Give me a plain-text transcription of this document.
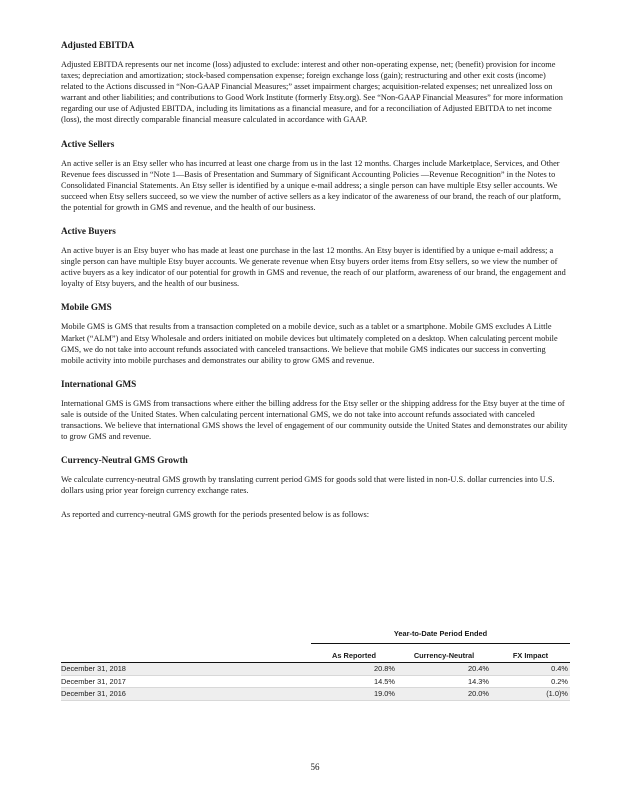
Adjusted EBITDA

Adjusted EBITDA represents our net income (loss) adjusted to exclude: interest and other non-operating expense, net; (benefit) provision for income taxes; depreciation and amortization; stock-based compensation expense; foreign exchange loss (gain); restructuring and other exit costs (income) related to the Actions discussed in “Non-GAAP Financial Measures;” asset impairment charges; acquisition-related expenses; net unrealized loss on warrant and other liabilities; and contributions to Good Work Institute (formerly Etsy.org). See “Non-GAAP Financial Measures” for more information regarding our use of Adjusted EBITDA, including its limitations as a financial measure, and for a reconciliation of Adjusted EBITDA to net income (loss), the most directly comparable financial measure calculated in accordance with GAAP.

Active Sellers

An active seller is an Etsy seller who has incurred at least one charge from us in the last 12 months. Charges include Marketplace, Services, and Other Revenue fees discussed in “Note 1—Basis of Presentation and Summary of Significant Accounting Policies —Revenue Recognition” in the Notes to Consolidated Financial Statements. An Etsy seller is identified by a unique e-mail address; a single person can have multiple Etsy seller accounts. We succeed when Etsy sellers succeed, so we view the number of active sellers as a key indicator of the awareness of our brand, the reach of our platform, the potential for growth in GMS and revenue, and the health of our business.

Active Buyers

An active buyer is an Etsy buyer who has made at least one purchase in the last 12 months. An Etsy buyer is identified by a unique e-mail address; a single person can have multiple Etsy buyer accounts. We generate revenue when Etsy buyers order items from Etsy sellers, so we view the number of active buyers as a key indicator of our potential for growth in GMS and revenue, the reach of our platform, awareness of our brand, the engagement and loyalty of Etsy buyers, and the health of our business.

Mobile GMS

Mobile GMS is GMS that results from a transaction completed on a mobile device, such as a tablet or a smartphone. Mobile GMS excludes A Little Market (“ALM”) and Etsy Wholesale and orders initiated on mobile devices but ultimately completed on a desktop. When calculating percent mobile GMS, we do not take into account refunds associated with canceled transactions. We believe that mobile GMS indicates our success in converting mobile activity into mobile purchases and demonstrates our ability to grow GMS and revenue.

International GMS

International GMS is GMS from transactions where either the billing address for the Etsy seller or the shipping address for the Etsy buyer at the time of sale is outside of the United States. When calculating percent international GMS, we do not take into account refunds associated with canceled transactions. We believe that international GMS shows the level of engagement of our community outside the United States and demonstrates our ability to grow GMS and revenue.

Currency-Neutral GMS Growth

We calculate currency-neutral GMS growth by translating current period GMS for goods sold that were listed in non-U.S. dollar currencies into U.S. dollars using prior year foreign currency exchange rates.

As reported and currency-neutral GMS growth for the periods presented below is as follows:

	Year-to-Date Period Ended		
	As Reported	Currency-Neutral	FX Impact
December 31, 2018	20.8%	20.4%	0.4%
December 31, 2017	14.5%	14.3%	0.2%
December 31, 2016	19.0%	20.0%	(1.0)%
56
